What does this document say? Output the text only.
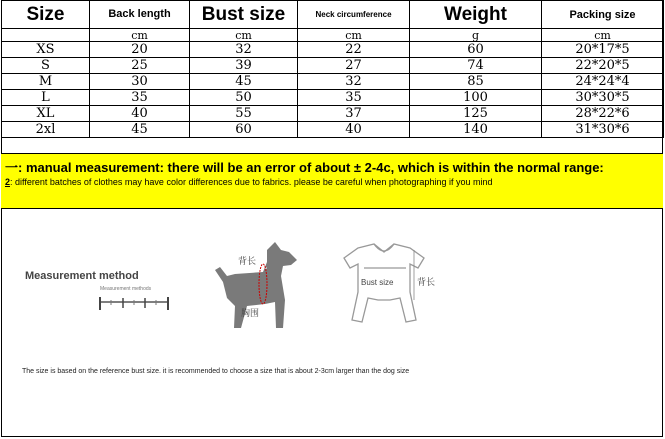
Size	Back length	Bust size	Neck circumference	Weight	Packing size
	cm	cm	cm	g	cm
XS	20	32	22	60	20*17*5
S	25	39	27	74	22*20*5
M	30	45	32	85	24*24*4
L	35	50	35	100	30*30*5
XL	40	55	37	125	28*22*6
2xl	45	60	40	140	31*30*6
一: manual measurement: there will be an error of about ± 2-4c, which is within the normal range:
2: different batches of clothes may have color differences due to fabrics. please be careful when photographing if you mind
Measurement method
Measurement methods
背长
胸围
Bust size	背长
The size is based on the reference bust size. it is recommended to choose a size that is about 2-3cm larger than the dog size
